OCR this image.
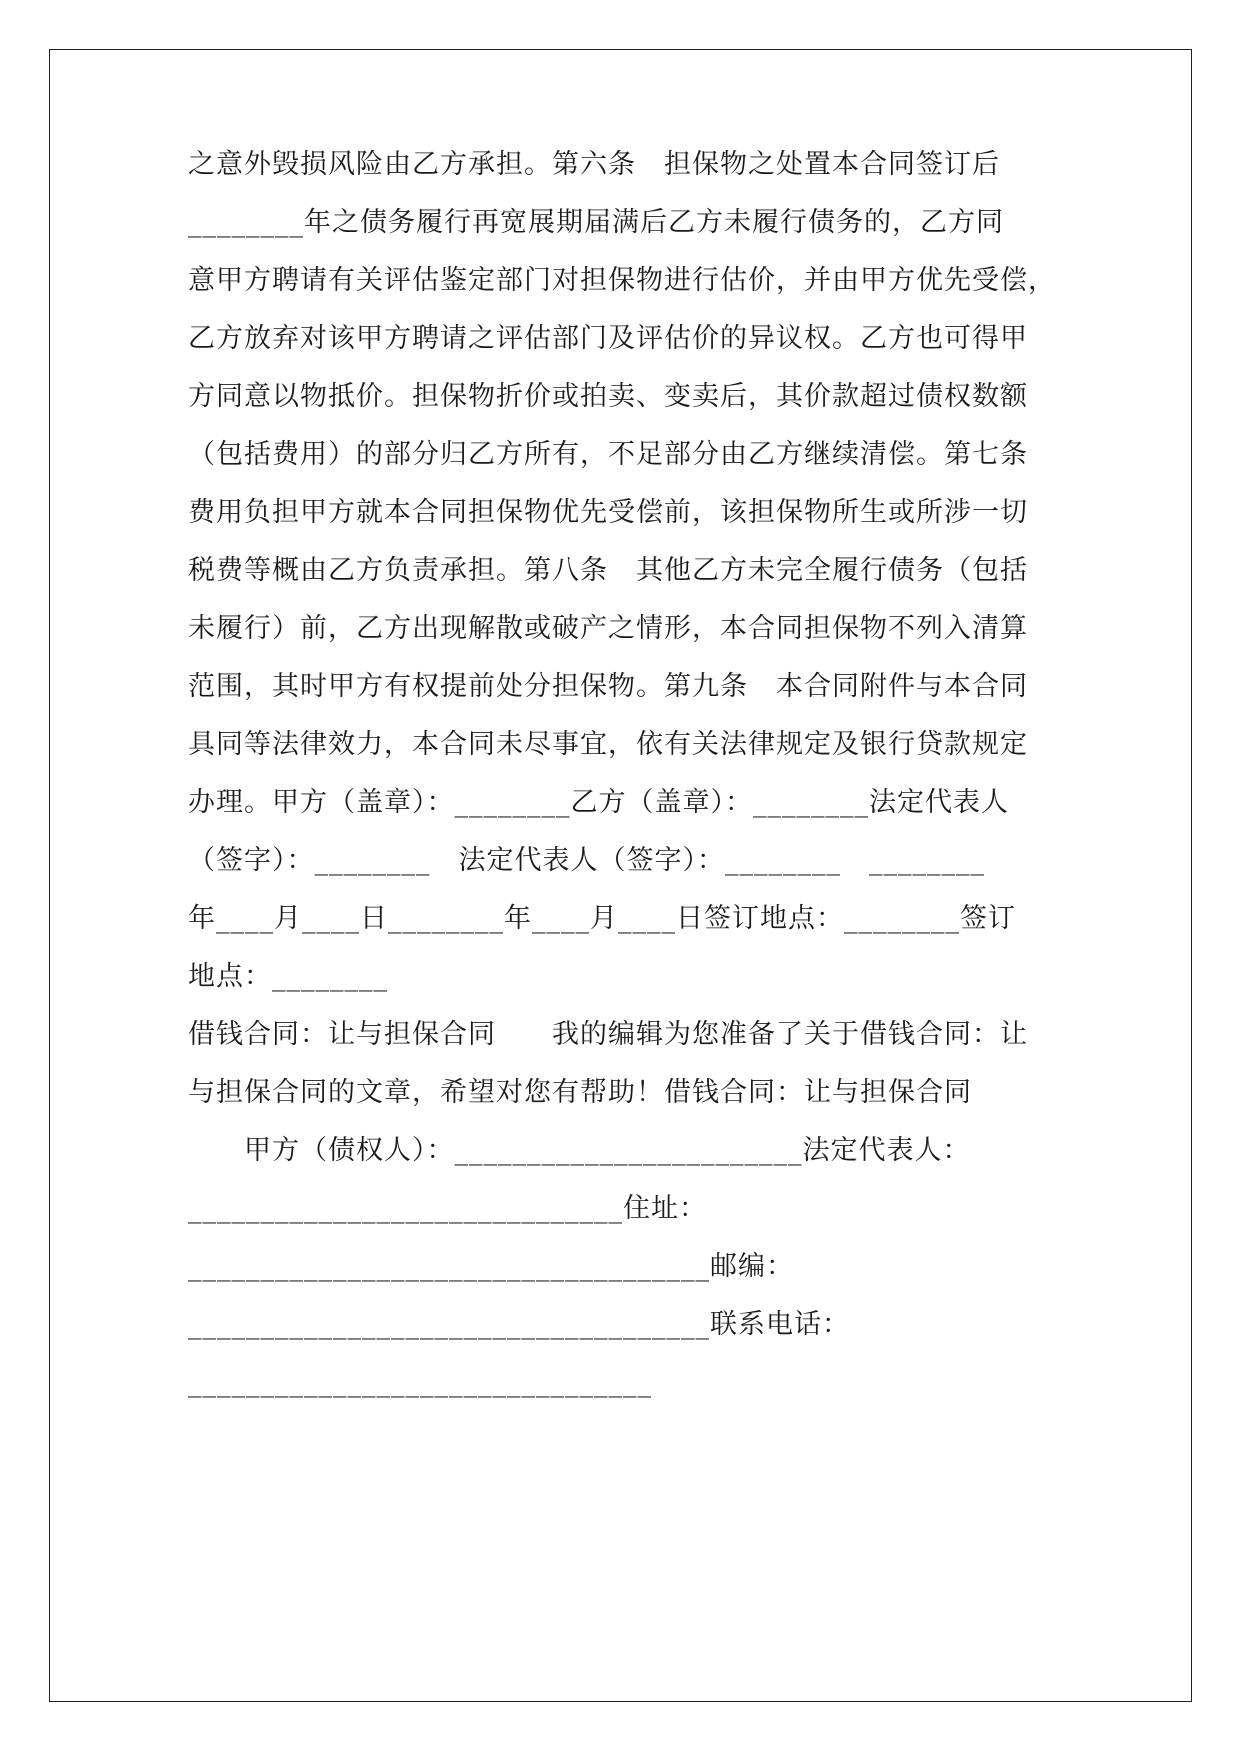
之意外毁损风险由乙方承担。第六条　担保物之处置本合同签订后

________年之债务履行再宽展期届满后乙方未履行债务的，乙方同

意甲方聘请有关评估鉴定部门对担保物进行估价，并由甲方优先受偿，

乙方放弃对该甲方聘请之评估部门及评估价的异议权。乙方也可得甲

方同意以物抵价。担保物折价或拍卖、变卖后，其价款超过债权数额

（包括费用）的部分归乙方所有，不足部分由乙方继续清偿。第七条

费用负担甲方就本合同担保物优先受偿前，该担保物所生或所涉一切

税费等概由乙方负责承担。第八条　其他乙方未完全履行债务（包括

未履行）前，乙方出现解散或破产之情形，本合同担保物不列入清算

范围，其时甲方有权提前处分担保物。第九条　本合同附件与本合同

具同等法律效力，本合同未尽事宜，依有关法律规定及银行贷款规定

办理。甲方（盖章）：________乙方（盖章）：________法定代表人

（签字）：________　法定代表人（签字）：________　________

年____月____日________年____月____日签订地点：________签订

地点：________

借钱合同：让与担保合同　　我的编辑为您准备了关于借钱合同：让

与担保合同的文章，希望对您有帮助！借钱合同：让与担保合同

　　甲方（债权人）：________________________法定代表人：

______________________________住址：

____________________________________邮编：

____________________________________联系电话：

________________________________
